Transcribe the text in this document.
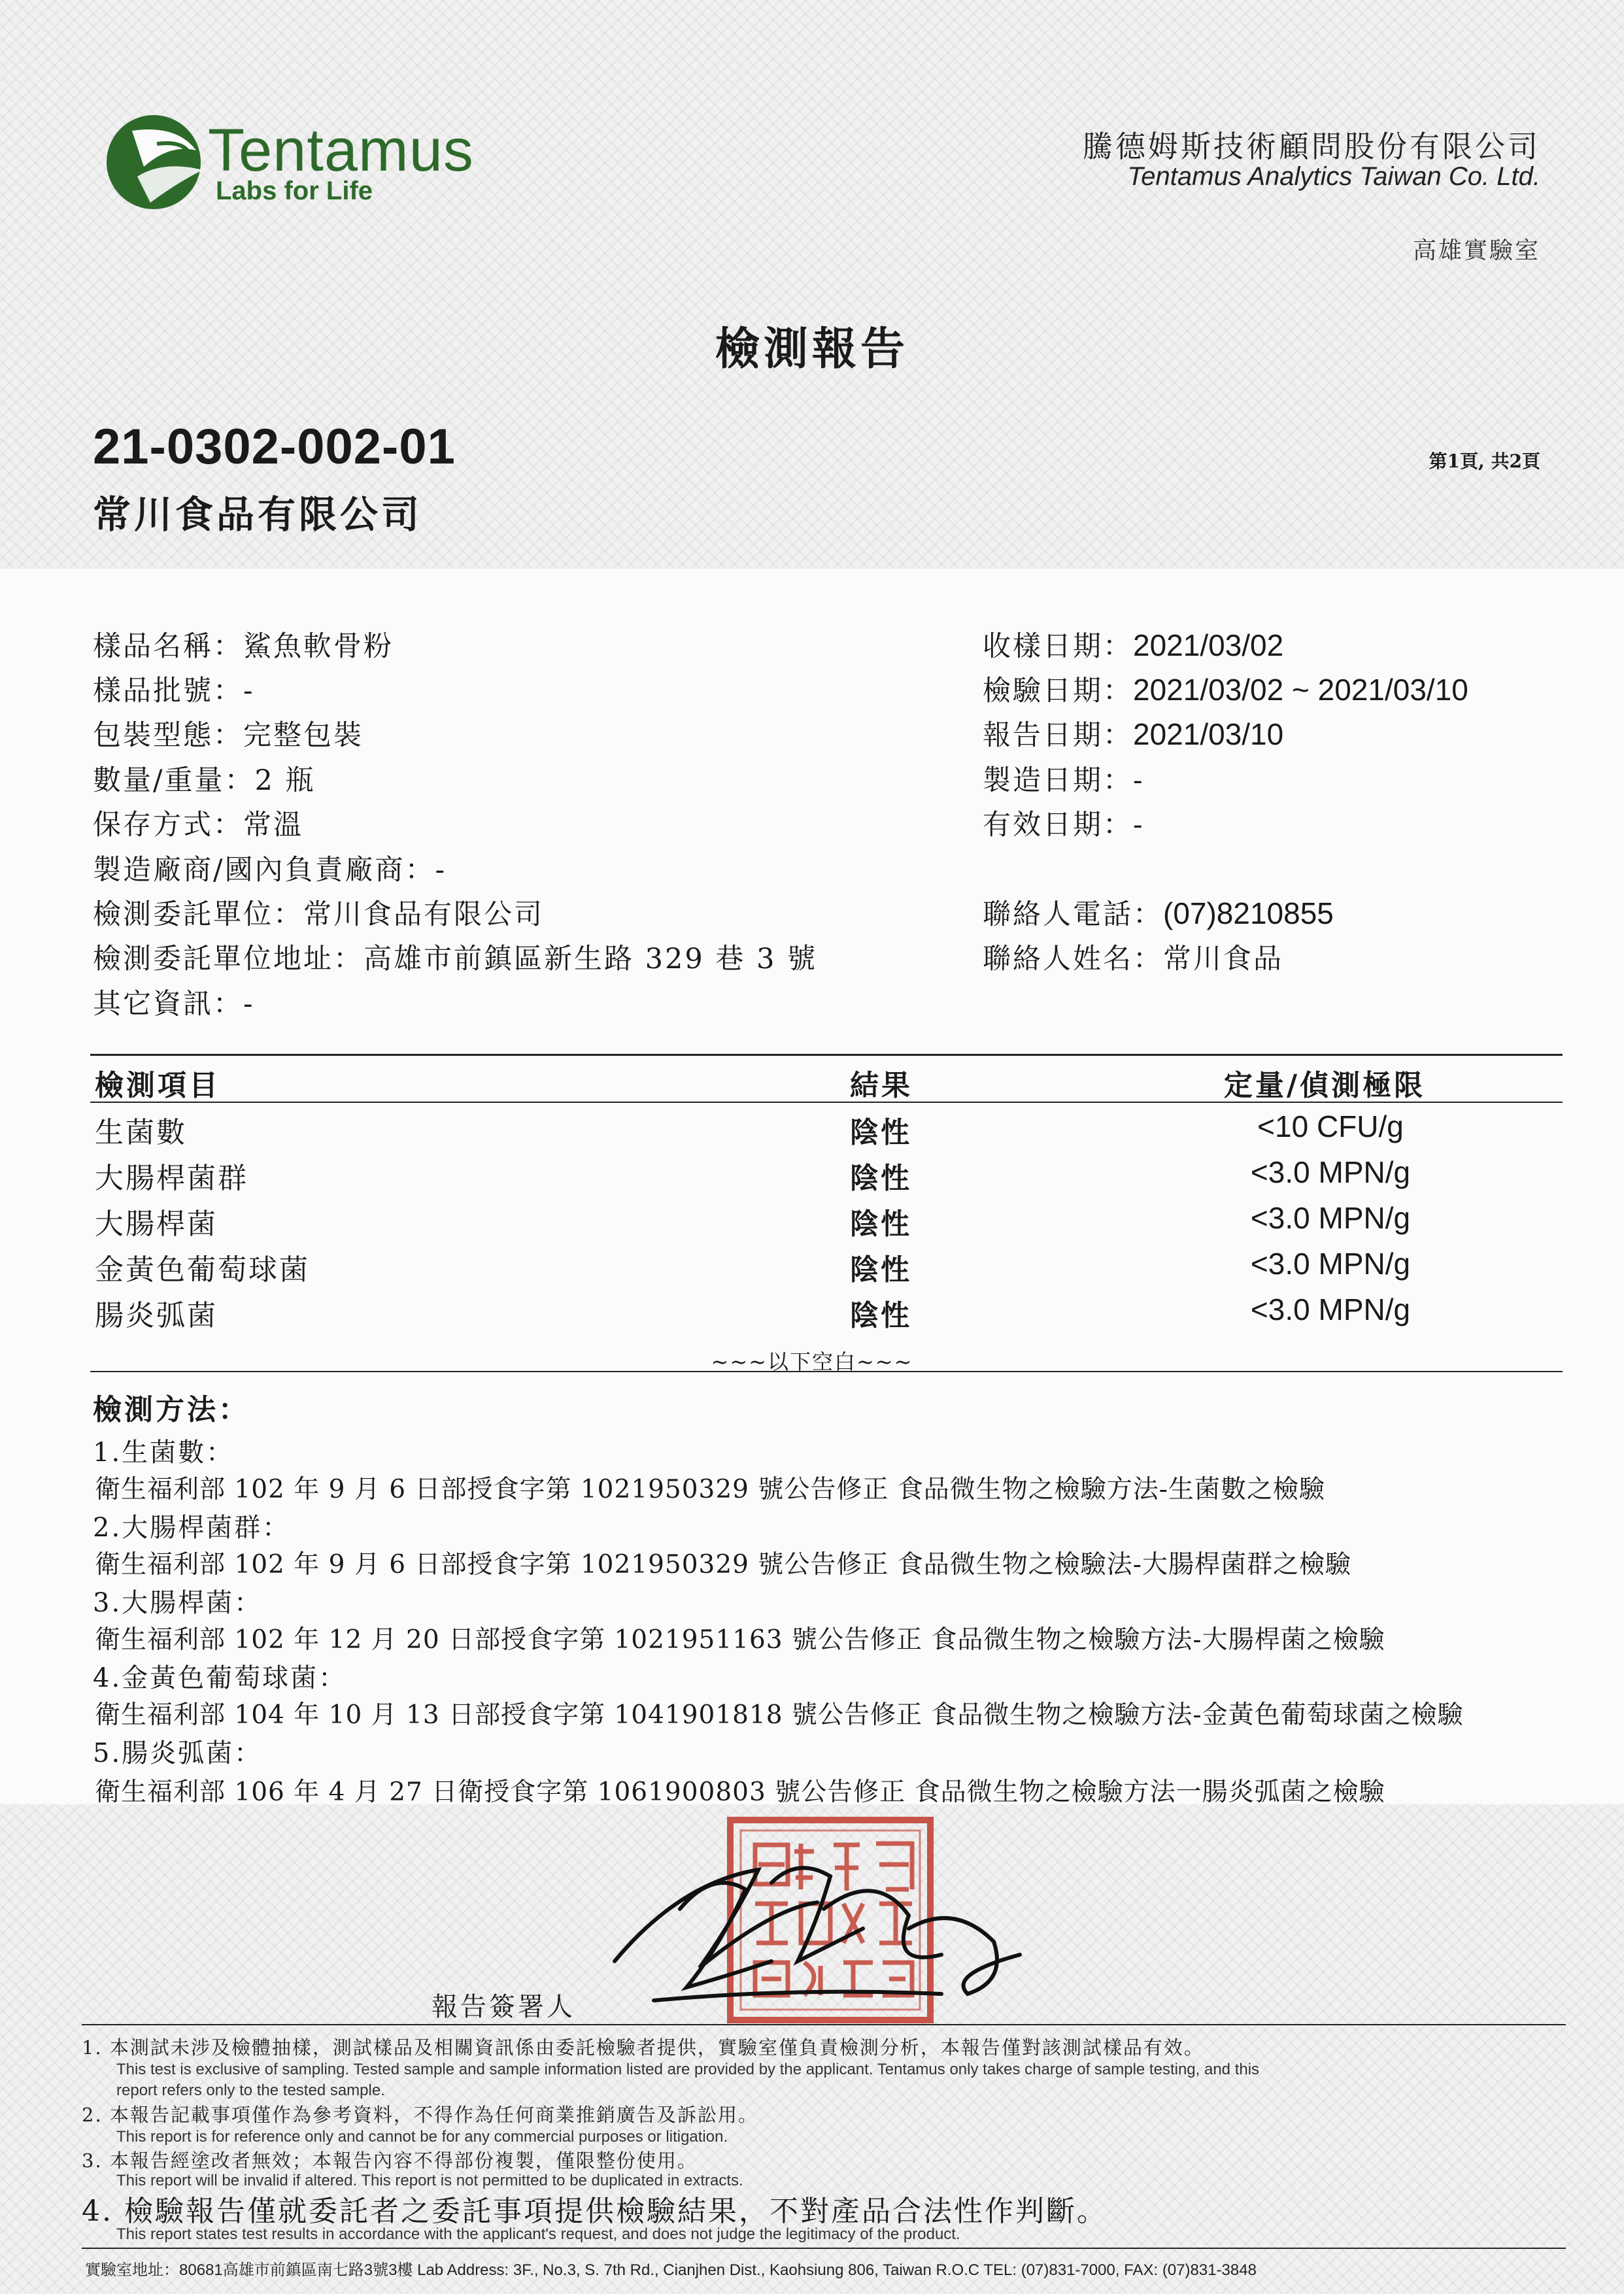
Tentamus
Labs for Life
騰德姆斯技術顧問股份有限公司
Tentamus Analytics Taiwan Co. Ltd.
高雄實驗室
檢測報告
21-0302-002-01
常川食品有限公司
第1頁, 共2頁
樣品名稱：鯊魚軟骨粉
樣品批號：-
包裝型態：完整包裝
數量/重量：2 瓶
保存方式：常溫
製造廠商/國內負責廠商：-
檢測委託單位：常川食品有限公司
檢測委託單位地址：高雄市前鎮區新生路 329 巷 3 號
其它資訊：-
收樣日期：2021/03/02
檢驗日期：2021/03/02 ~ 2021/03/10
報告日期：2021/03/10
製造日期：-
有效日期：-
聯絡人電話：(07)8210855
聯絡人姓名：常川食品
檢測項目	結果	定量/偵測極限
生菌數	陰性	<10 CFU/g
大腸桿菌群	陰性	<3.0 MPN/g
大腸桿菌	陰性	<3.0 MPN/g
金黃色葡萄球菌	陰性	<3.0 MPN/g
腸炎弧菌	陰性	<3.0 MPN/g
~~~以下空白~~~
檢測方法：
1.生菌數：
衛生福利部 102 年 9 月 6 日部授食字第 1021950329 號公告修正 食品微生物之檢驗方法-生菌數之檢驗
2.大腸桿菌群：
衛生福利部 102 年 9 月 6 日部授食字第 1021950329 號公告修正 食品微生物之檢驗法-大腸桿菌群之檢驗
3.大腸桿菌：
衛生福利部 102 年 12 月 20 日部授食字第 1021951163 號公告修正 食品微生物之檢驗方法-大腸桿菌之檢驗
4.金黃色葡萄球菌：
衛生福利部 104 年 10 月 13 日部授食字第 1041901818 號公告修正 食品微生物之檢驗方法-金黃色葡萄球菌之檢驗
5.腸炎弧菌：
衛生福利部 106 年 4 月 27 日衛授食字第 1061900803 號公告修正 食品微生物之檢驗方法一腸炎弧菌之檢驗
報告簽署人
1. 本測試未涉及檢體抽樣，測試樣品及相關資訊係由委託檢驗者提供，實驗室僅負責檢測分析，本報告僅對該測試樣品有效。
This test is exclusive of sampling. Tested sample and sample information listed are provided by the applicant. Tentamus only takes charge of sample testing, and this
report refers only to the tested sample.
2. 本報告記載事項僅作為參考資料，不得作為任何商業推銷廣告及訴訟用。
This report is for reference only and cannot be for any commercial purposes or litigation.
3. 本報告經塗改者無效；本報告內容不得部份複製，僅限整份使用。
This report will be invalid if altered. This report is not permitted to be duplicated in extracts.
4. 檢驗報告僅就委託者之委託事項提供檢驗結果，不對產品合法性作判斷。
This report states test results in accordance with the applicant's request, and does not judge the legitimacy of the product.
實驗室地址：80681高雄市前鎮區南七路3號3樓 Lab Address: 3F., No.3, S. 7th Rd., Cianjhen Dist., Kaohsiung 806, Taiwan R.O.C TEL: (07)831-7000, FAX: (07)831-3848
